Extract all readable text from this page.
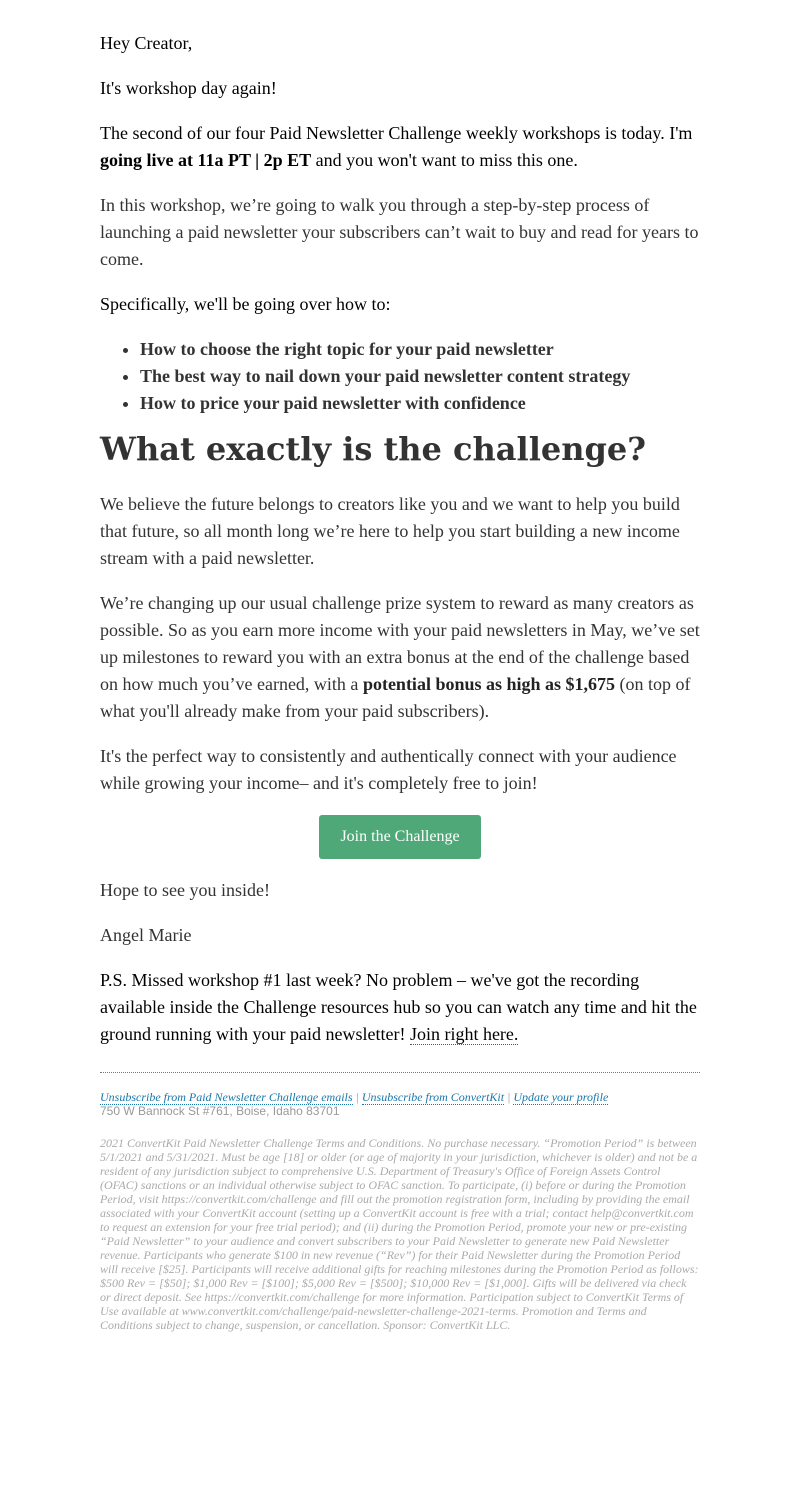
Hey Creator,

It's workshop day again!

The second of our four Paid Newsletter Challenge weekly workshops is today. I'm going live at 11a PT | 2p ET and you won't want to miss this one.

In this workshop, we’re going to walk you through a step-by-step process of launching a paid newsletter your subscribers can’t wait to buy and read for years to come.

Specifically, we'll be going over how to:

• How to choose the right topic for your paid newsletter
• The best way to nail down your paid newsletter content strategy
• How to price your paid newsletter with confidence
What exactly is the challenge?

We believe the future belongs to creators like you and we want to help you build that future, so all month long we’re here to help you start building a new income stream with a paid newsletter.

We’re changing up our usual challenge prize system to reward as many creators as possible. So as you earn more income with your paid newsletters in May, we’ve set up milestones to reward you with an extra bonus at the end of the challenge based on how much you’ve earned, with a potential bonus as high as $1,675 (on top of what you'll already make from your paid subscribers).

It's the perfect way to consistently and authentically connect with your audience while growing your income– and it's completely free to join!

Join the Challenge

Hope to see you inside!

Angel Marie

P.S. Missed workshop #1 last week? No problem – we've got the recording available inside the Challenge resources hub so you can watch any time and hit the ground running with your paid newsletter! Join right here.

Unsubscribe from Paid Newsletter Challenge emails | Unsubscribe from ConvertKit | Update your profile
750 W Bannock St #761, Boise, Idaho 83701
2021 ConvertKit Paid Newsletter Challenge Terms and Conditions. No purchase necessary. “Promotion Period” is between 5/1/2021 and 5/31/2021. Must be age [18] or older (or age of majority in your jurisdiction, whichever is older) and not be a resident of any jurisdiction subject to comprehensive U.S. Department of Treasury's Office of Foreign Assets Control (OFAC) sanctions or an individual otherwise subject to OFAC sanction. To participate, (i) before or during the Promotion Period, visit https://convertkit.com/challenge and fill out the promotion registration form, including by providing the email associated with your ConvertKit account (setting up a ConvertKit account is free with a trial; contact help@convertkit.com to request an extension for your free trial period); and (ii) during the Promotion Period, promote your new or pre-existing “Paid Newsletter” to your audience and convert subscribers to your Paid Newsletter to generate new Paid Newsletter revenue. Participants who generate $100 in new revenue (“Rev”) for their Paid Newsletter during the Promotion Period will receive [$25]. Participants will receive additional gifts for reaching milestones during the Promotion Period as follows: $500 Rev = [$50]; $1,000 Rev = [$100]; $5,000 Rev = [$500]; $10,000 Rev = [$1,000]. Gifts will be delivered via check or direct deposit. See https://convertkit.com/challenge for more information. Participation subject to ConvertKit Terms of Use available at www.convertkit.com/challenge/paid-newsletter-challenge-2021-terms. Promotion and Terms and Conditions subject to change, suspension, or cancellation. Sponsor: ConvertKit LLC.
